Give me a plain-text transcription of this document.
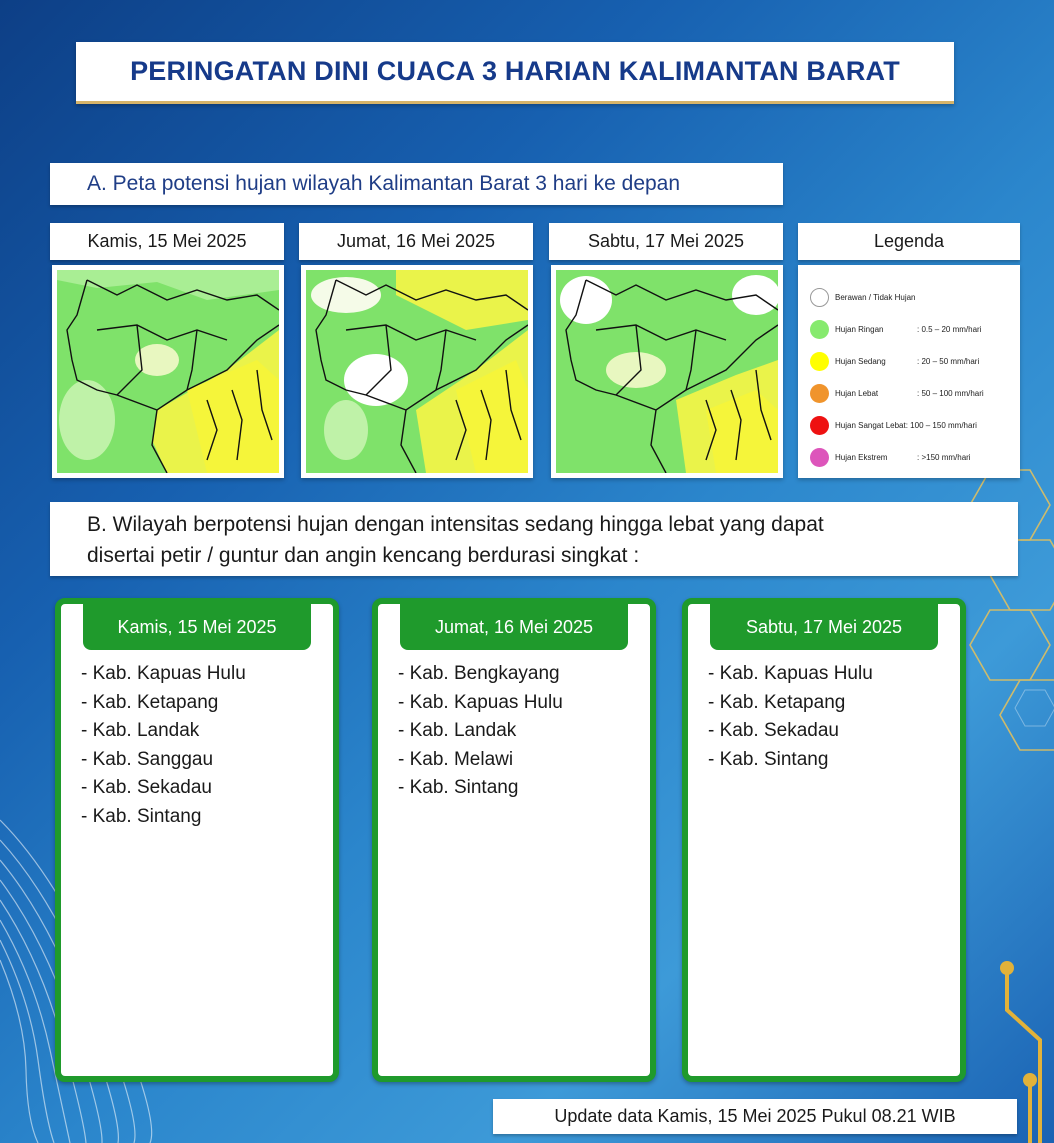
PERINGATAN DINI CUACA 3 HARIAN KALIMANTAN BARAT
A. Peta potensi hujan wilayah Kalimantan Barat 3 hari ke depan
Kamis, 15 Mei 2025	Jumat, 16 Mei 2025	Sabtu, 17 Mei 2025	Legenda
Berawan / Tidak Hujan
Hujan Ringan	: 0.5 – 20 mm/hari
Hujan Sedang	: 20 – 50 mm/hari
Hujan Lebat	: 50 – 100 mm/hari
Hujan Sangat Lebat : 100 – 150 mm/hari
Hujan Ekstrem	: >150 mm/hari
B. Wilayah berpotensi hujan dengan intensitas sedang hingga lebat yang dapat
disertai petir / guntur dan angin kencang berdurasi singkat :
Kamis, 15 Mei 2025
- Kab. Kapuas Hulu
- Kab. Ketapang
- Kab. Landak
- Kab. Sanggau
- Kab. Sekadau
- Kab. Sintang
Jumat, 16 Mei 2025
- Kab. Bengkayang
- Kab. Kapuas Hulu
- Kab. Landak
- Kab. Melawi
- Kab. Sintang
Sabtu, 17 Mei 2025
- Kab. Kapuas Hulu
- Kab. Ketapang
- Kab. Sekadau
- Kab. Sintang
Update data Kamis, 15 Mei 2025 Pukul 08.21 WIB
